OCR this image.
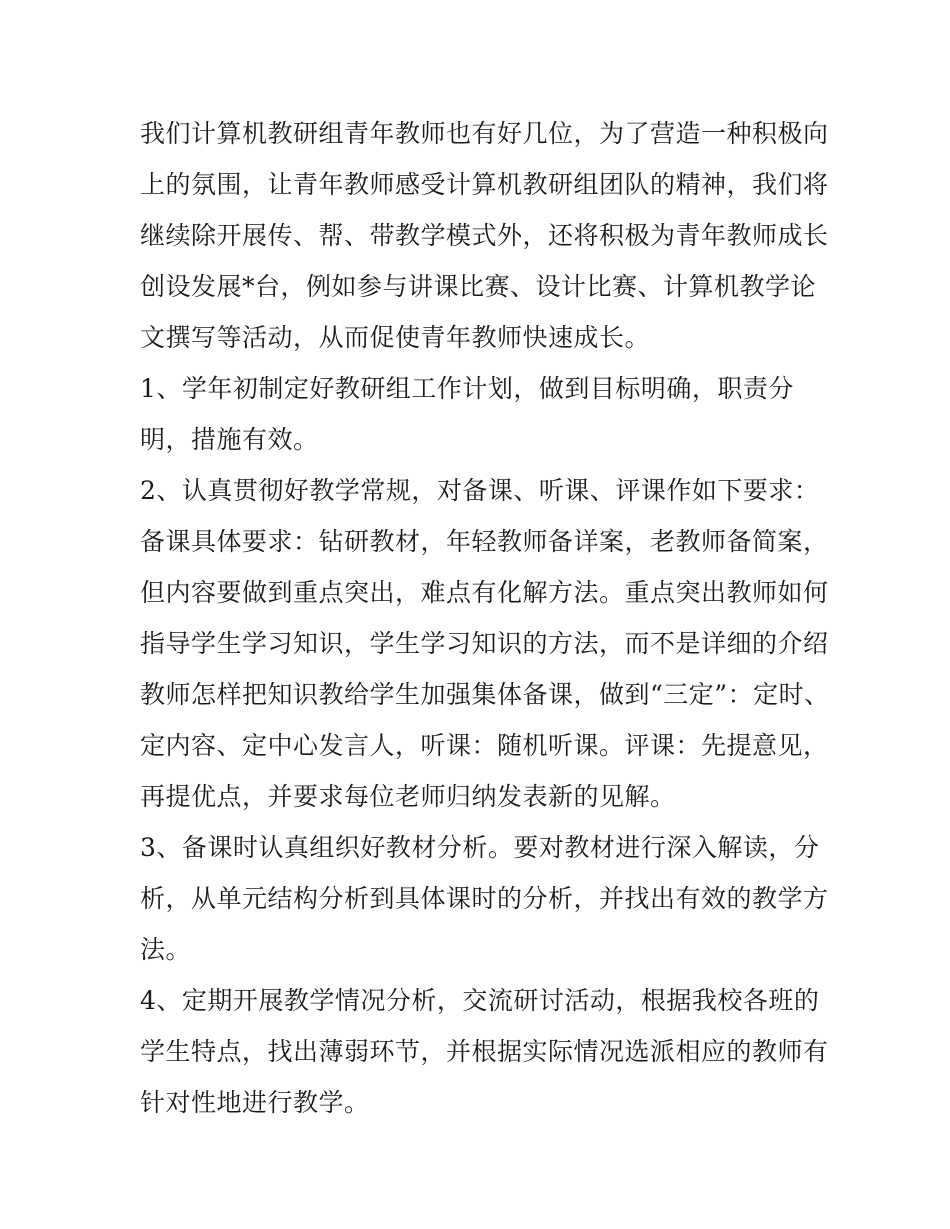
我们计算机教研组青年教师也有好几位，为了营造一种积极向
上的氛围，让青年教师感受计算机教研组团队的精神，我们将
继续除开展传、帮、带教学模式外，还将积极为青年教师成长
创设发展*台，例如参与讲课比赛、设计比赛、计算机教学论
文撰写等活动，从而促使青年教师快速成长。
1、学年初制定好教研组工作计划，做到目标明确，职责分
明，措施有效。
2、认真贯彻好教学常规，对备课、听课、评课作如下要求：
备课具体要求：钻研教材，年轻教师备详案，老教师备简案，
但内容要做到重点突出，难点有化解方法。重点突出教师如何
指导学生学习知识，学生学习知识的方法，而不是详细的介绍
教师怎样把知识教给学生加强集体备课，做到“三定”：定时、
定内容、定中心发言人，听课：随机听课。评课：先提意见，
再提优点，并要求每位老师归纳发表新的见解。
3、备课时认真组织好教材分析。要对教材进行深入解读，分
析，从单元结构分析到具体课时的分析，并找出有效的教学方
法。
4、定期开展教学情况分析，交流研讨活动，根据我校各班的
学生特点，找出薄弱环节，并根据实际情况选派相应的教师有
针对性地进行教学。
